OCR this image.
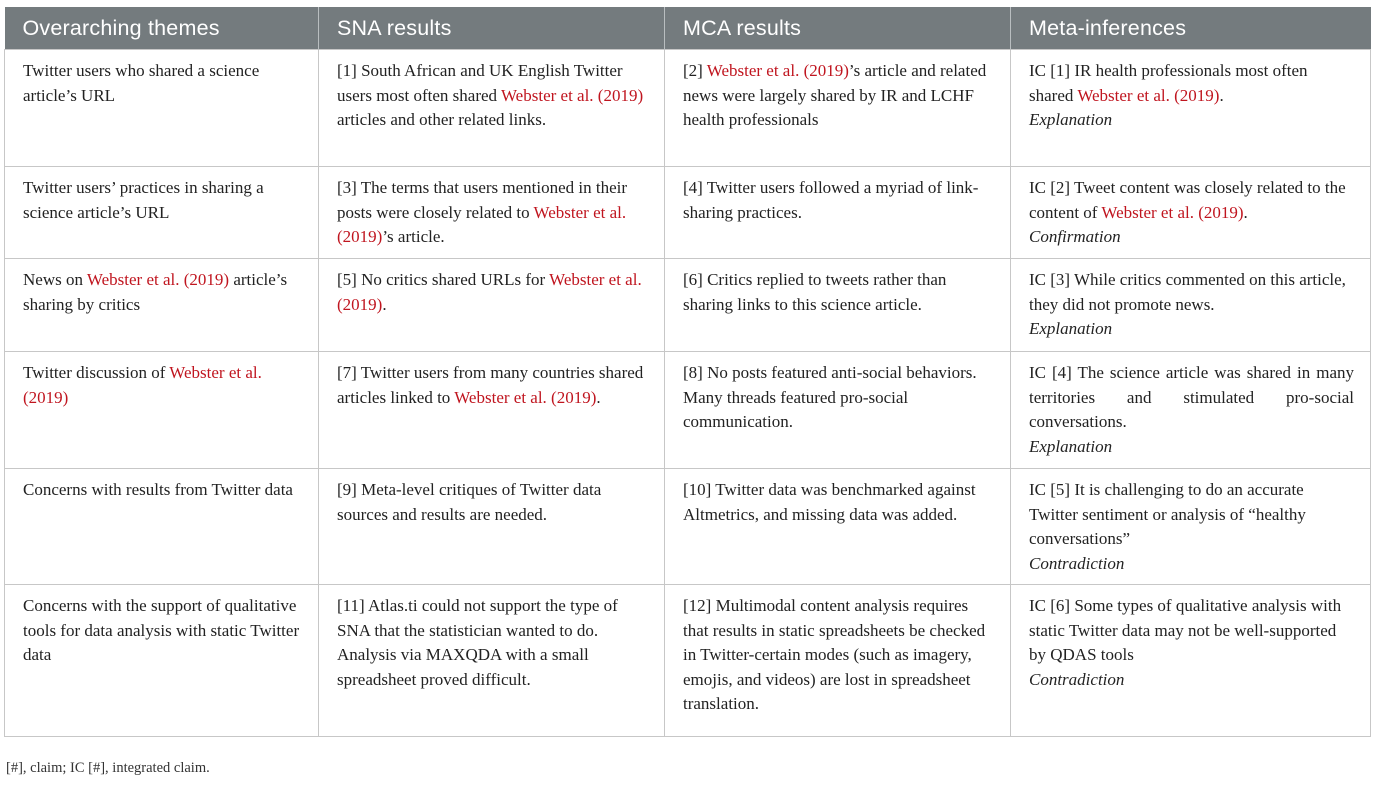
Overarching themes	SNA results	MCA results	Meta-inferences
Twitter users who shared a science article’s URL	[1] South African and UK English Twitter users most often shared Webster et al. (2019) articles and other related links.	[2] Webster et al. (2019)’s article and related news were largely shared by IR and LCHF health professionals	IC [1] IR health professionals most often shared Webster et al. (2019).
Explanation

Twitter users’ practices in sharing a science article’s URL	[3] The terms that users mentioned in their posts were closely related to Webster et al. (2019)’s article.	[4] Twitter users followed a myriad of link-sharing practices.	IC [2] Tweet content was closely related to the content of Webster et al. (2019).
Confirmation

News on Webster et al. (2019) article’s sharing by critics	[5] No critics shared URLs for Webster et al. (2019).	[6] Critics replied to tweets rather than sharing links to this science article.	IC [3] While critics commented on this article, they did not promote news.
Explanation

Twitter discussion of Webster et al. (2019)	[7] Twitter users from many countries shared articles linked to Webster et al. (2019).	[8] No posts featured anti-social behaviors. Many threads featured pro-social communication.	IC [4] The science article was shared in many territories and stimulated pro-social conversations.
Explanation

Concerns with results from Twitter data	[9] Meta-level critiques of Twitter data sources and results are needed.	[10] Twitter data was benchmarked against Altmetrics, and missing data was added.	IC [5] It is challenging to do an accurate Twitter sentiment or analysis of “healthy conversations”
Contradiction

Concerns with the support of qualitative tools for data analysis with static Twitter data	[11] Atlas.ti could not support the type of SNA that the statistician wanted to do. Analysis via MAXQDA with a small spreadsheet proved difficult.	[12] Multimodal content analysis requires that results in static spreadsheets be checked in Twitter-certain modes (such as imagery, emojis, and videos) are lost in spreadsheet translation.	IC [6] Some types of qualitative analysis with static Twitter data may not be well-supported by QDAS tools
Contradiction
[#], claim; IC [#], integrated claim.
